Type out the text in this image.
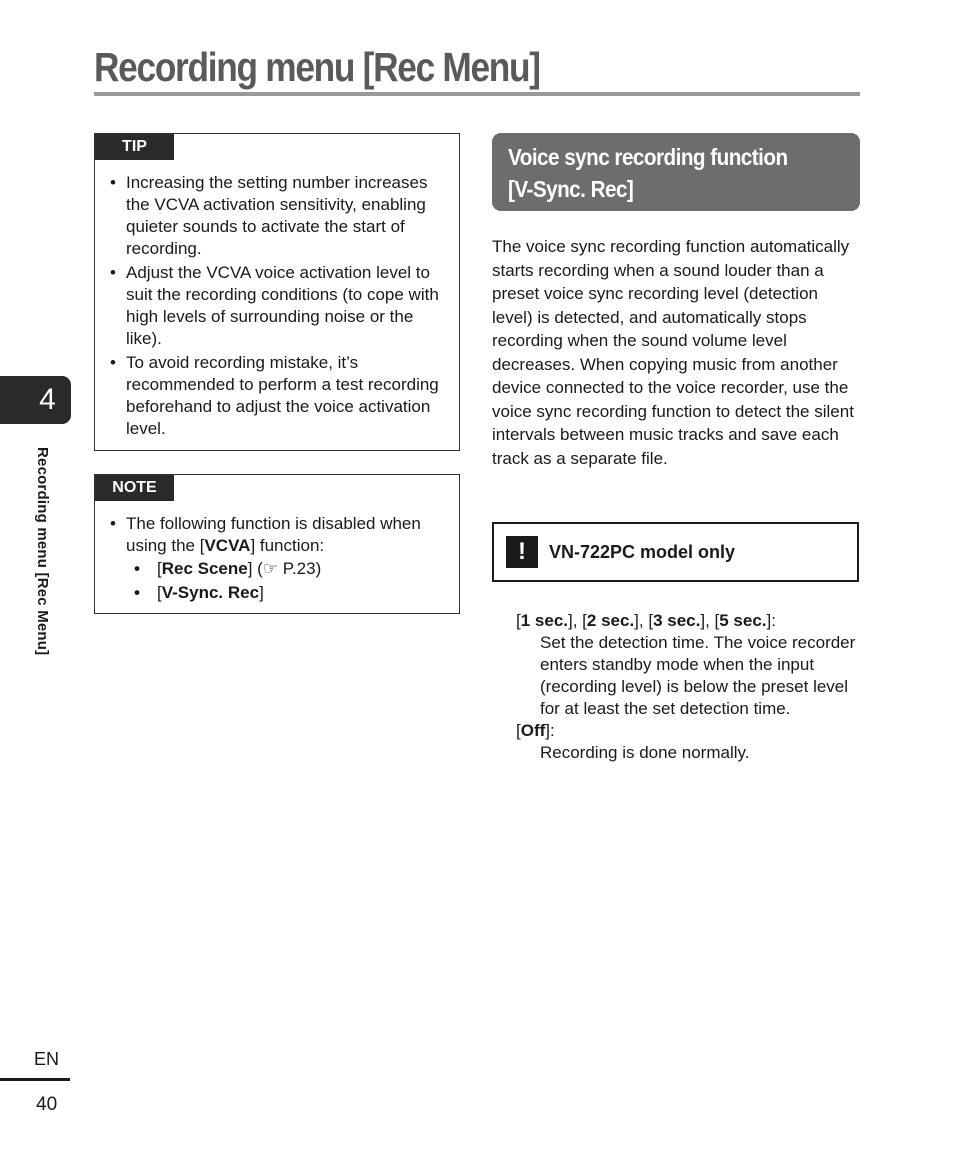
Recording menu [Rec Menu]
4
Recording menu [Rec Menu]
EN
40
TIP
• Increasing the setting number increases the VCVA activation sensitivity, enabling quieter sounds to activate the start of recording.
• Adjust the VCVA voice activation level to suit the recording conditions (to cope with high levels of surrounding noise or the like).
• To avoid recording mistake, it’s recommended to perform a test recording beforehand to adjust the voice activation level.
NOTE
• The following function is disabled when using the [VCVA] function:
• [Rec Scene] (☞ P.23)
• [V-Sync. Rec]
Voice sync recording function
[V-Sync. Rec]
The voice sync recording function automatically starts recording when a sound louder than a preset voice sync recording level (detection level) is detected, and automatically stops recording when the sound volume level decreases. When copying music from another device connected to the voice recorder, use the voice sync recording function to detect the silent intervals between music tracks and save each track as a separate file.
!	VN-722PC model only
[1 sec.], [2 sec.], [3 sec.], [5 sec.]:
Set the detection time. The voice recorder enters standby mode when the input (recording level) is below the preset level for at least the set detection time.
[Off]:
Recording is done normally.
